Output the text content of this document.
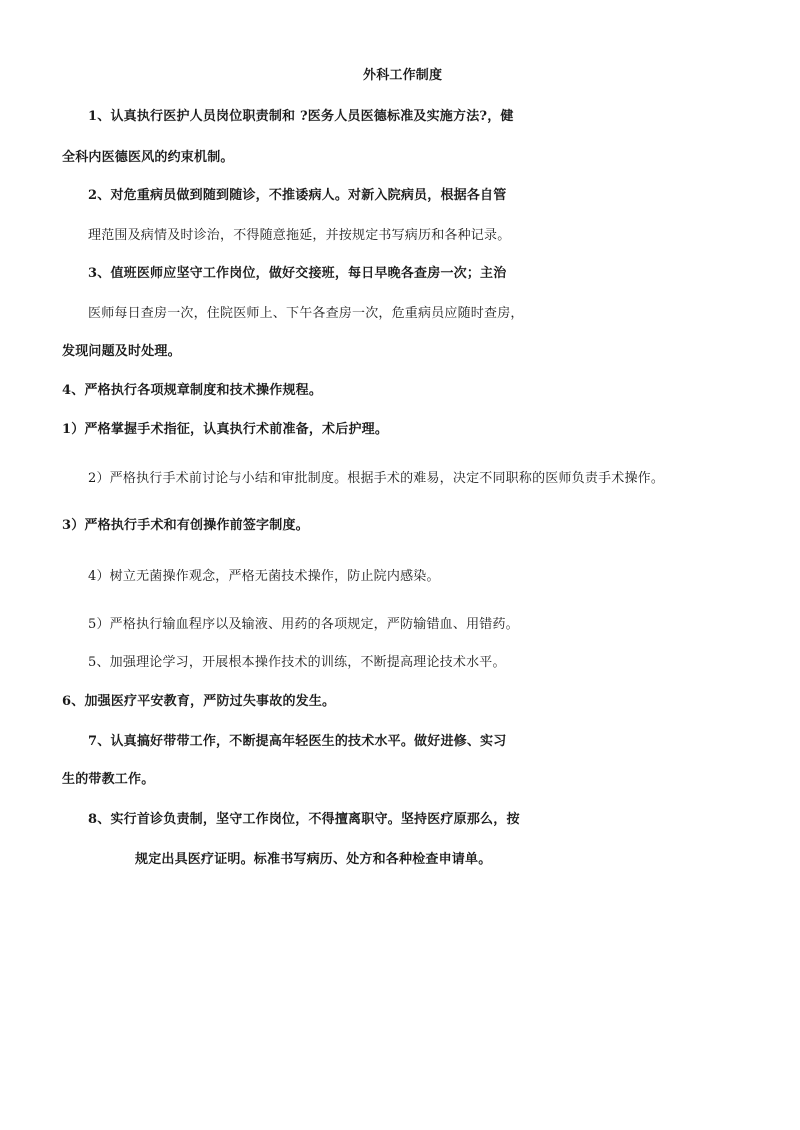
外科工作制度
1、认真执行医护人员岗位职责制和 ?医务人员医德标准及实施方法?，健
全科内医德医风的约束机制。
2、对危重病员做到随到随诊，不推诿病人。对新入院病员，根据各自管
理范围及病情及时诊治，不得随意拖延，并按规定书写病历和各种记录。
3、值班医师应坚守工作岗位，做好交接班，每日早晚各查房一次；主治
医师每日查房一次，住院医师上、下午各查房一次，危重病员应随时查房，
发现问题及时处理。
4、严格执行各项规章制度和技术操作规程。
1）严格掌握手术指征，认真执行术前准备，术后护理。
2）严格执行手术前讨论与小结和审批制度。根据手术的难易，决定不同职称的医师负责手术操作。
3）严格执行手术和有创操作前签字制度。
4）树立无菌操作观念，严格无菌技术操作，防止院内感染。
5）严格执行输血程序以及输液、用药的各项规定，严防输错血、用错药。
5、加强理论学习，开展根本操作技术的训练，不断提高理论技术水平。
6、加强医疗平安教育，严防过失事故的发生。
7、认真搞好带带工作，不断提高年轻医生的技术水平。做好进修、实习
生的带教工作。
8、实行首诊负责制，坚守工作岗位，不得擅离职守。坚持医疗原那么，按
规定出具医疗证明。标准书写病历、处方和各种检查申请单。
